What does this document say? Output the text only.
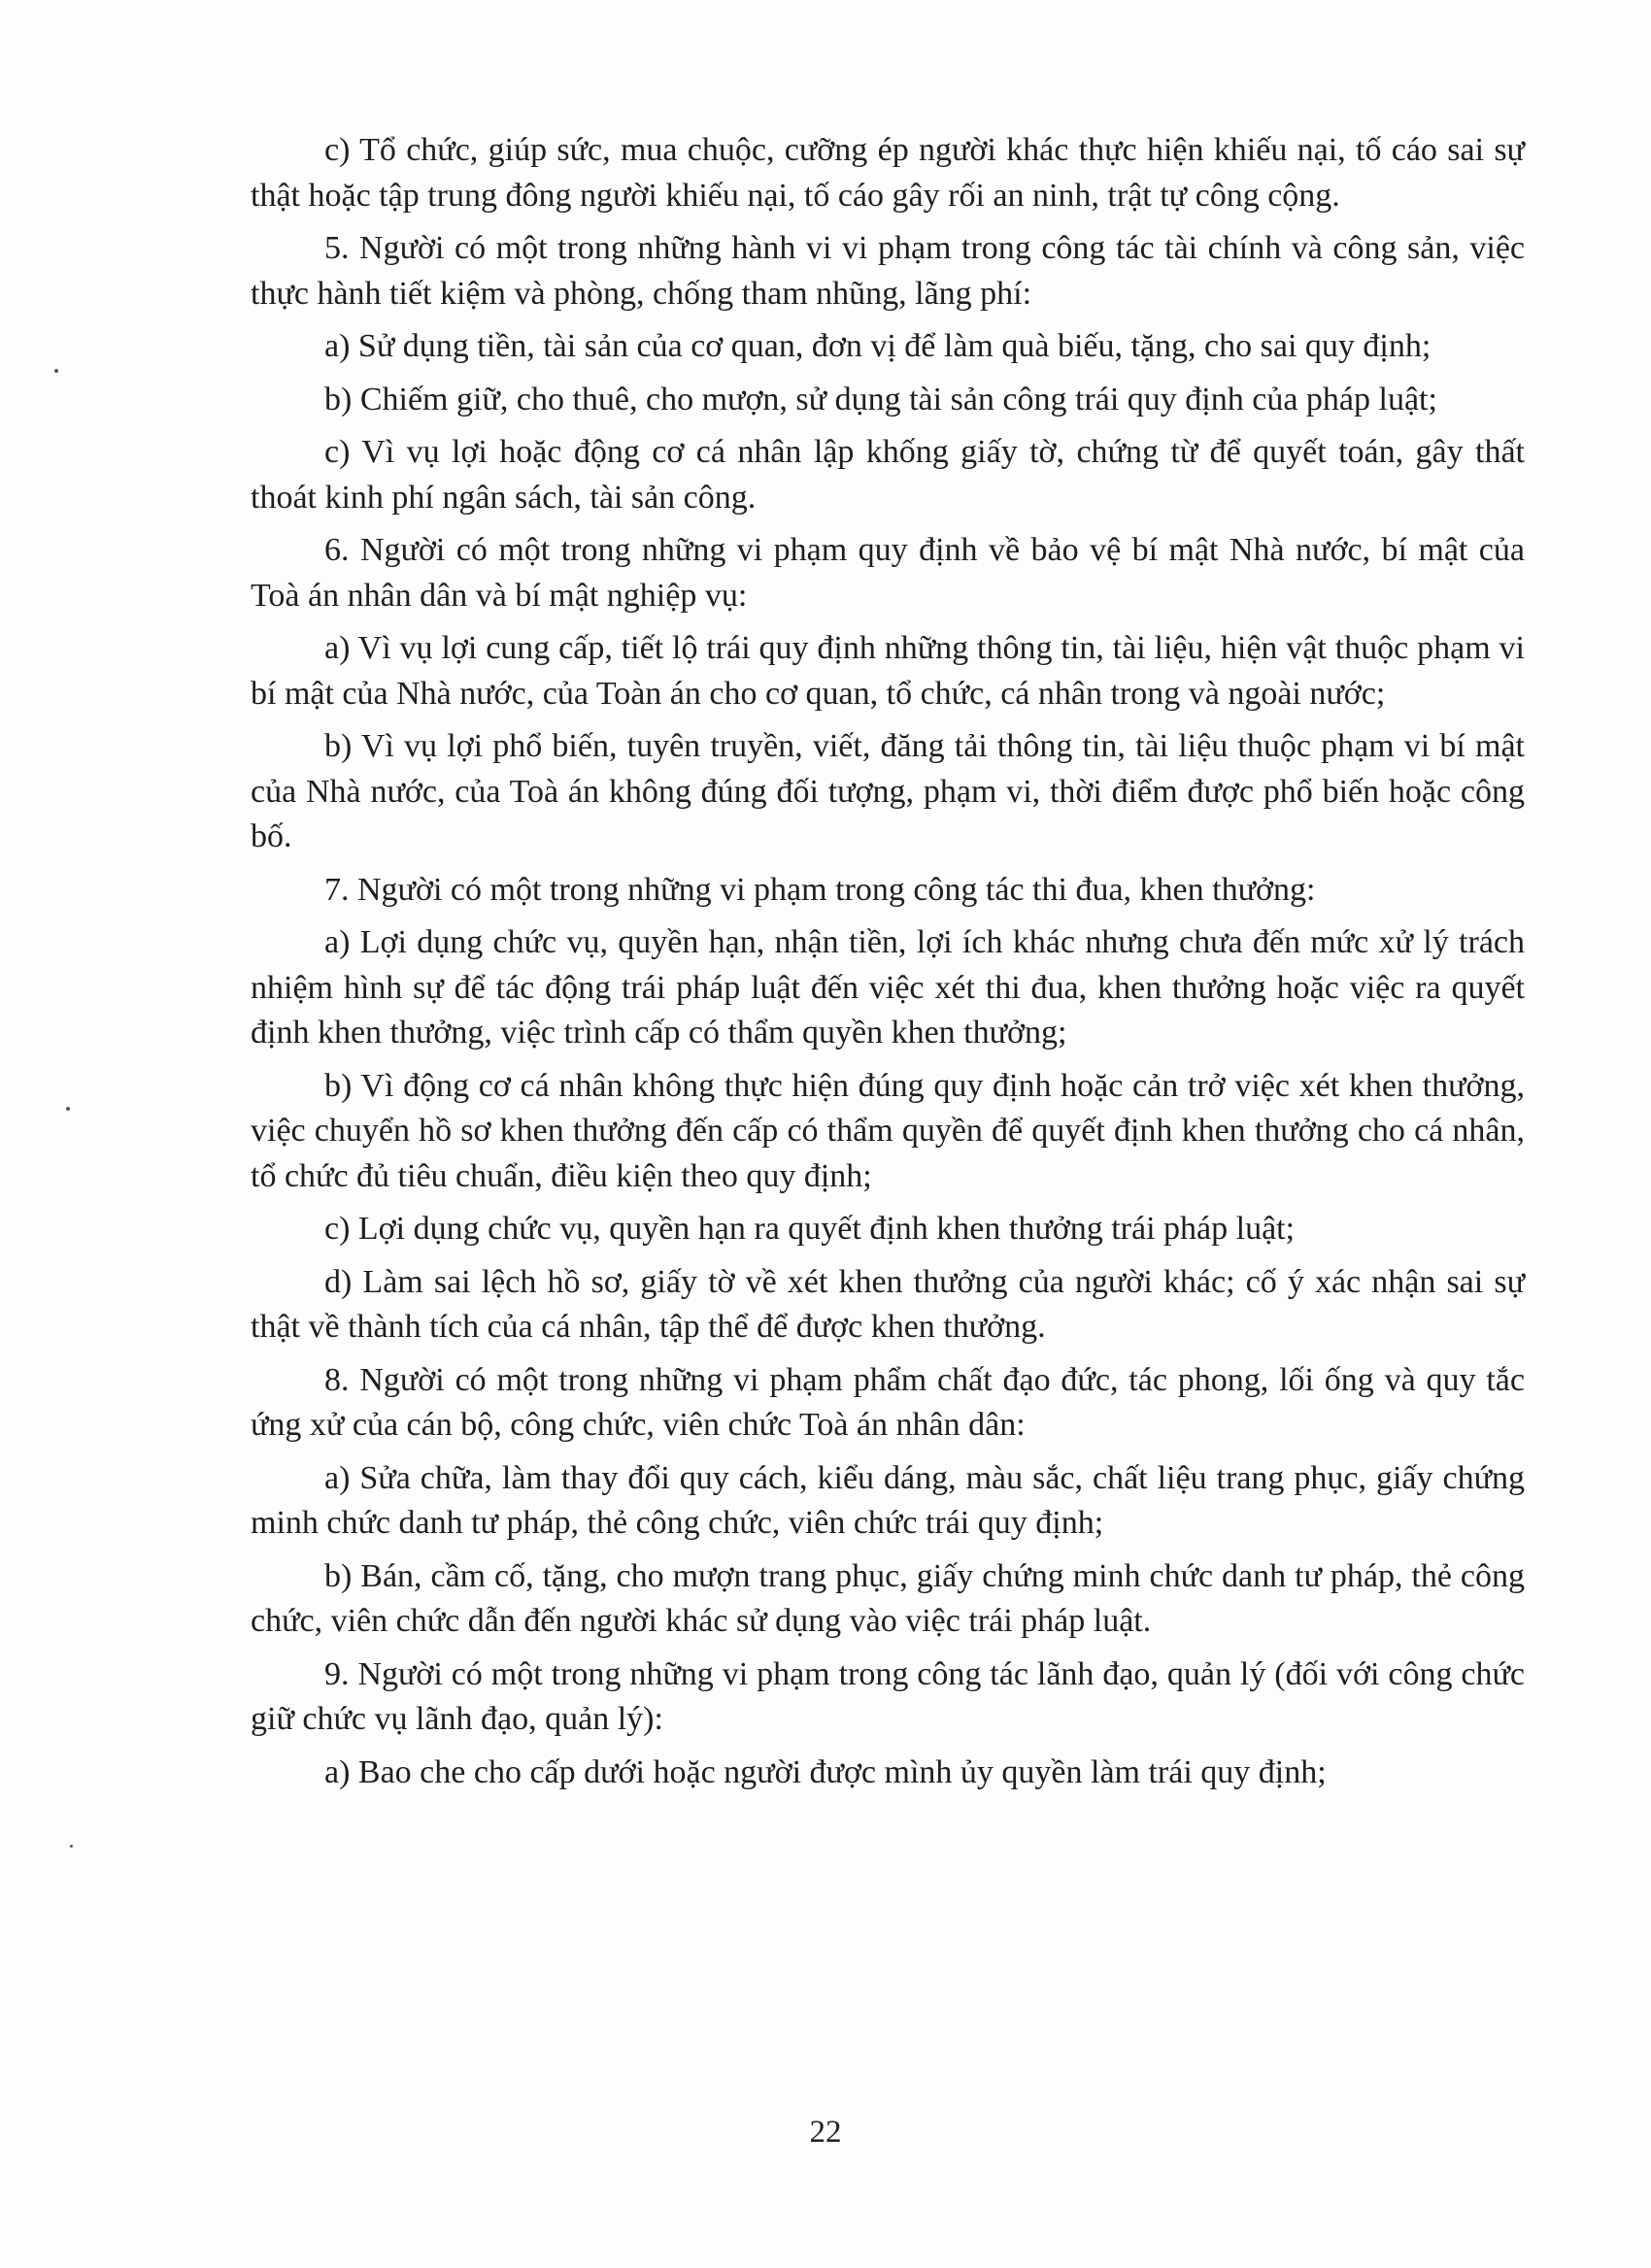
c) Tổ chức, giúp sức, mua chuộc, cưỡng ép người khác thực hiện khiếu nại, tố cáo sai sự thật hoặc tập trung đông người khiếu nại, tố cáo gây rối an ninh, trật tự công cộng.

5. Người có một trong những hành vi vi phạm trong công tác tài chính và công sản, việc thực hành tiết kiệm và phòng, chống tham nhũng, lãng phí:

a) Sử dụng tiền, tài sản của cơ quan, đơn vị để làm quà biếu, tặng, cho sai quy định;

b) Chiếm giữ, cho thuê, cho mượn, sử dụng tài sản công trái quy định của pháp luật;

c) Vì vụ lợi hoặc động cơ cá nhân lập khống giấy tờ, chứng từ để quyết toán, gây thất thoát kinh phí ngân sách, tài sản công.

6. Người có một trong những vi phạm quy định về bảo vệ bí mật Nhà nước, bí mật của Toà án nhân dân và bí mật nghiệp vụ:

a) Vì vụ lợi cung cấp, tiết lộ trái quy định những thông tin, tài liệu, hiện vật thuộc phạm vi bí mật của Nhà nước, của Toàn án cho cơ quan, tổ chức, cá nhân trong và ngoài nước;

b) Vì vụ lợi phổ biến, tuyên truyền, viết, đăng tải thông tin, tài liệu thuộc phạm vi bí mật của Nhà nước, của Toà án không đúng đối tượng, phạm vi, thời điểm được phổ biến hoặc công bố.

7. Người có một trong những vi phạm trong công tác thi đua, khen thưởng:

a) Lợi dụng chức vụ, quyền hạn, nhận tiền, lợi ích khác nhưng chưa đến mức xử lý trách nhiệm hình sự để tác động trái pháp luật đến việc xét thi đua, khen thưởng hoặc việc ra quyết định khen thưởng, việc trình cấp có thẩm quyền khen thưởng;

b) Vì động cơ cá nhân không thực hiện đúng quy định hoặc cản trở việc xét khen thưởng, việc chuyển hồ sơ khen thưởng đến cấp có thẩm quyền để quyết định khen thưởng cho cá nhân, tổ chức đủ tiêu chuẩn, điều kiện theo quy định;

c) Lợi dụng chức vụ, quyền hạn ra quyết định khen thưởng trái pháp luật;

d) Làm sai lệch hồ sơ, giấy tờ về xét khen thưởng của người khác; cố ý xác nhận sai sự thật về thành tích của cá nhân, tập thể để được khen thưởng.

8. Người có một trong những vi phạm phẩm chất đạo đức, tác phong, lối ống và quy tắc ứng xử của cán bộ, công chức, viên chức Toà án nhân dân:

a) Sửa chữa, làm thay đổi quy cách, kiểu dáng, màu sắc, chất liệu trang phục, giấy chứng minh chức danh tư pháp, thẻ công chức, viên chức trái quy định;

b) Bán, cầm cố, tặng, cho mượn trang phục, giấy chứng minh chức danh tư pháp, thẻ công chức, viên chức dẫn đến người khác sử dụng vào việc trái pháp luật.

9. Người có một trong những vi phạm trong công tác lãnh đạo, quản lý (đối với công chức giữ chức vụ lãnh đạo, quản lý):

a) Bao che cho cấp dưới hoặc người được mình ủy quyền làm trái quy định;

22
